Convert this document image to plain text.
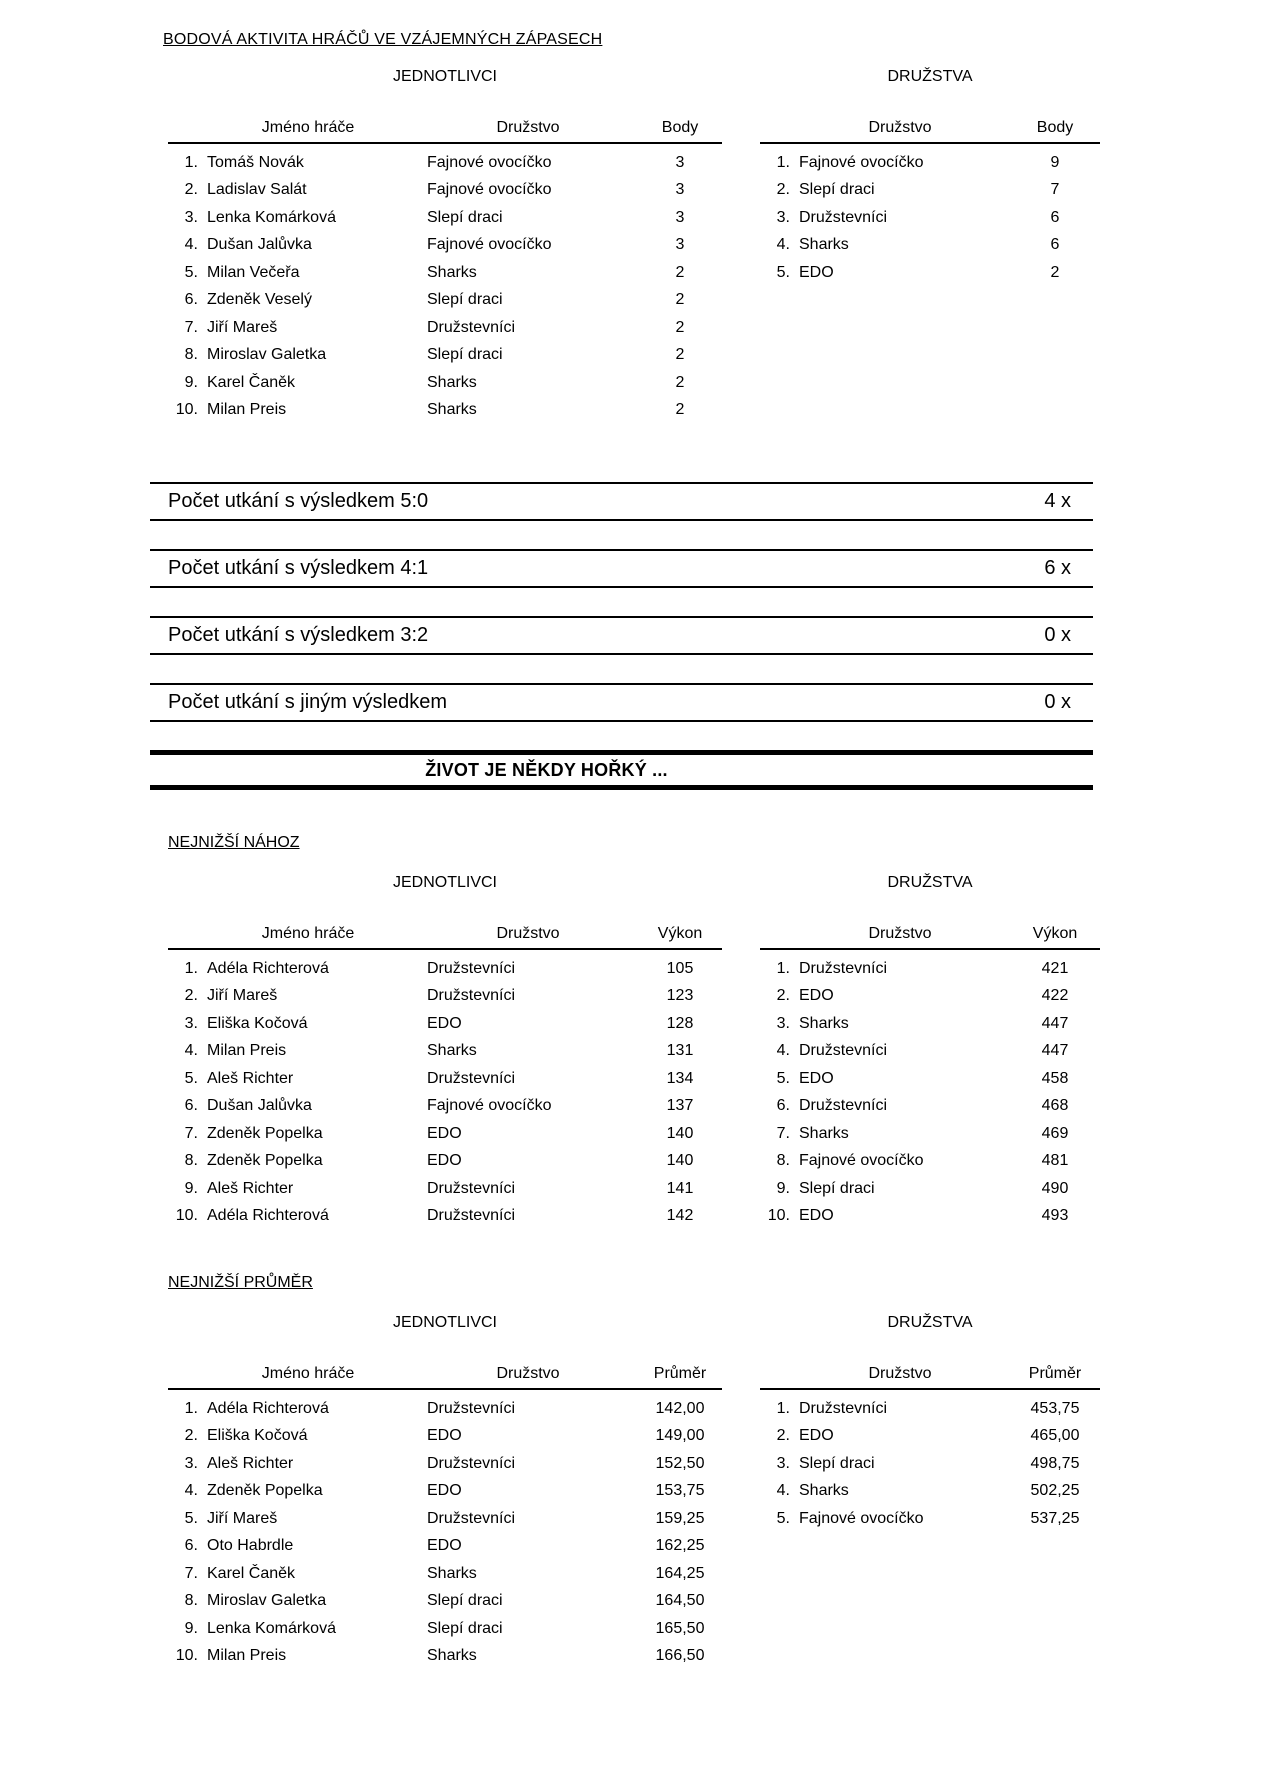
BODOVÁ AKTIVITA HRÁČŮ VE VZÁJEMNÝCH ZÁPASECH
JEDNOTLIVCI
Jméno hráče	Družstvo	Body
1. Tomáš Novák	Fajnové ovocíčko	3
2. Ladislav Salát	Fajnové ovocíčko	3
3. Lenka Komárková	Slepí draci	3
4. Dušan Jalůvka	Fajnové ovocíčko	3
5. Milan Večeřa	Sharks	2
6. Zdeněk Veselý	Slepí draci	2
7. Jiří Mareš	Družstevníci	2
8. Miroslav Galetka	Slepí draci	2
9. Karel Čaněk	Sharks	2
10. Milan Preis	Sharks	2
DRUŽSTVA
Družstvo	Body
1. Fajnové ovocíčko	9
2. Slepí draci	7
3. Družstevníci	6
4. Sharks	6
5. EDO	2
Počet utkání s výsledkem 5:0	4 x
Počet utkání s výsledkem 4:1	6 x
Počet utkání s výsledkem 3:2	0 x
Počet utkání s jiným výsledkem	0 x
ŽIVOT JE NĚKDY HOŘKÝ ...
NEJNIŽŠÍ NÁHOZ
JEDNOTLIVCI
Jméno hráče	Družstvo	Výkon
1. Adéla Richterová	Družstevníci	105
2. Jiří Mareš	Družstevníci	123
3. Eliška Kočová	EDO	128
4. Milan Preis	Sharks	131
5. Aleš Richter	Družstevníci	134
6. Dušan Jalůvka	Fajnové ovocíčko	137
7. Zdeněk Popelka	EDO	140
8. Zdeněk Popelka	EDO	140
9. Aleš Richter	Družstevníci	141
10. Adéla Richterová	Družstevníci	142
DRUŽSTVA
Družstvo	Výkon
1. Družstevníci	421
2. EDO	422
3. Sharks	447
4. Družstevníci	447
5. EDO	458
6. Družstevníci	468
7. Sharks	469
8. Fajnové ovocíčko	481
9. Slepí draci	490
10. EDO	493
NEJNIŽŠÍ PRŮMĚR
JEDNOTLIVCI
Jméno hráče	Družstvo	Průměr
1. Adéla Richterová	Družstevníci	142,00
2. Eliška Kočová	EDO	149,00
3. Aleš Richter	Družstevníci	152,50
4. Zdeněk Popelka	EDO	153,75
5. Jiří Mareš	Družstevníci	159,25
6. Oto Habrdle	EDO	162,25
7. Karel Čaněk	Sharks	164,25
8. Miroslav Galetka	Slepí draci	164,50
9. Lenka Komárková	Slepí draci	165,50
10. Milan Preis	Sharks	166,50
DRUŽSTVA
Družstvo	Průměr
1. Družstevníci	453,75
2. EDO	465,00
3. Slepí draci	498,75
4. Sharks	502,25
5. Fajnové ovocíčko	537,25
